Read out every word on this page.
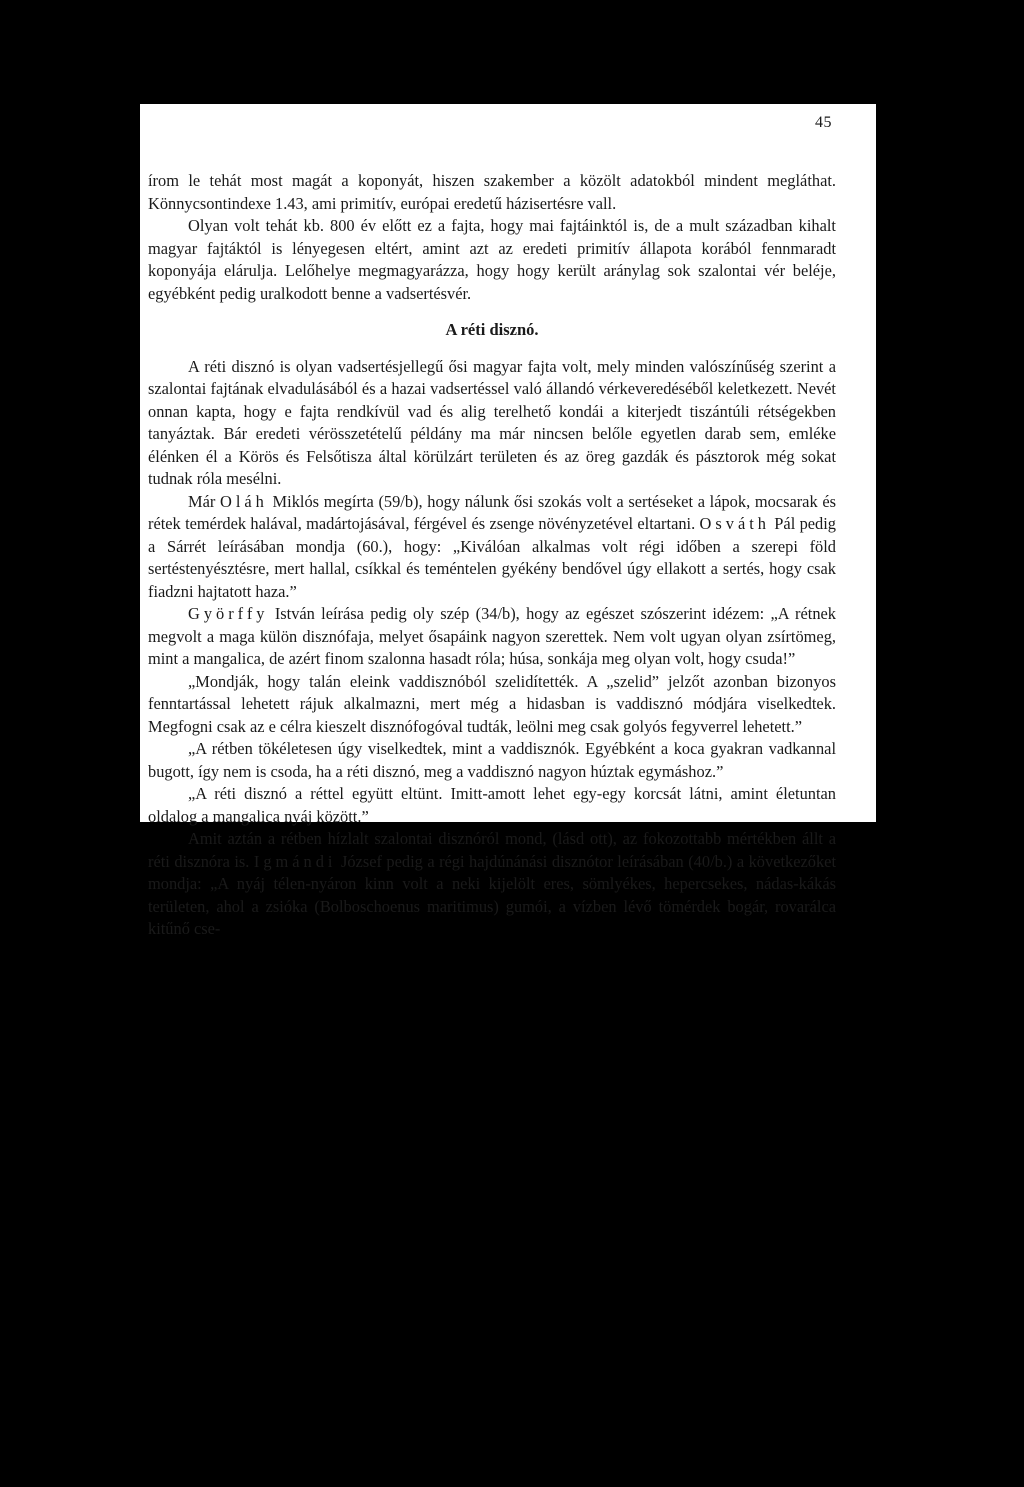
45

írom le tehát most magát a koponyát, hiszen szakember a közölt adatokból mindent megláthat. Könnycsontindexe 1.43, ami primitív, európai eredetű házisertésre vall.

Olyan volt tehát kb. 800 év előtt ez a fajta, hogy mai fajtáinktól is, de a mult században kihalt magyar fajtáktól is lényegesen eltért, amint azt az eredeti primitív állapota korából fennmaradt koponyája elárulja. Lelőhelye megmagyarázza, hogy hogy került aránylag sok szalontai vér beléje, egyébként pedig uralkodott benne a vadsertésvér.

A réti disznó.

A réti disznó is olyan vadsertésjellegű ősi magyar fajta volt, mely minden valószínűség szerint a szalontai fajtának elvadulásából és a hazai vadsertéssel való állandó vérkeveredéséből keletkezett. Nevét onnan kapta, hogy e fajta rendkívül vad és alig terelhető kondái a kiterjedt tiszántúli rétségekben tanyáztak. Bár eredeti vérösszetételű példány ma már nincsen belőle egyetlen darab sem, emléke élénken él a Körös és Felsőtisza által körülzárt területen és az öreg gazdák és pásztorok még sokat tudnak róla mesélni.

Már Oláh Miklós megírta (59/b), hogy nálunk ősi szokás volt a sertéseket a lápok, mocsarak és rétek temérdek halával, madártojásával, férgével és zsenge növényzetével eltartani. Osváth Pál pedig a Sárrét leírásában mondja (60.), hogy: „Kiválóan alkalmas volt régi időben a szerepi föld sertéstenyésztésre, mert hallal, csíkkal és teméntelen gyékény bendővel úgy ellakott a sertés, hogy csak fiadzni hajtatott haza.”

Györffy István leírása pedig oly szép (34/b), hogy az egészet szószerint idézem: „A rétnek megvolt a maga külön disznófaja, melyet ősapáink nagyon szerettek. Nem volt ugyan olyan zsírtömeg, mint a mangalica, de azért finom szalonna hasadt róla; húsa, sonkája meg olyan volt, hogy csuda!”

„Mondják, hogy talán eleink vaddisznóból szelidítették. A „szelid” jelzőt azonban bizonyos fenntartással lehetett rájuk alkalmazni, mert még a hidasban is vaddisznó módjára viselkedtek. Megfogni csak az e célra kieszelt disznófogóval tudták, leölni meg csak golyós fegyverrel lehetett.”

„A rétben tökéletesen úgy viselkedtek, mint a vaddisznók. Egyébként a koca gyakran vadkannal bugott, így nem is csoda, ha a réti disznó, meg a vaddisznó nagyon húztak egymáshoz.”

„A réti disznó a réttel együtt eltünt. Imitt-amott lehet egy-egy korcsát látni, amint életuntan oldalog a mangalica nyáj között.”

Amit aztán a rétben hízlalt szalontai disznóról mond, (lásd ott), az fokozottabb mértékben állt a réti disznóra is. Igmándi József pedig a régi hajdúnánási disznótor leírásában (40/b.) a következőket mondja: „A nyáj télen-nyáron kinn volt a neki kijelölt eres, sömlyékes, hepercsekes, nádas-kákás területen, ahol a zsióka (Bolboschoenus maritimus) gumói, a vízben lévő tömérdek bogár, rovarálca kitűnő cse-
